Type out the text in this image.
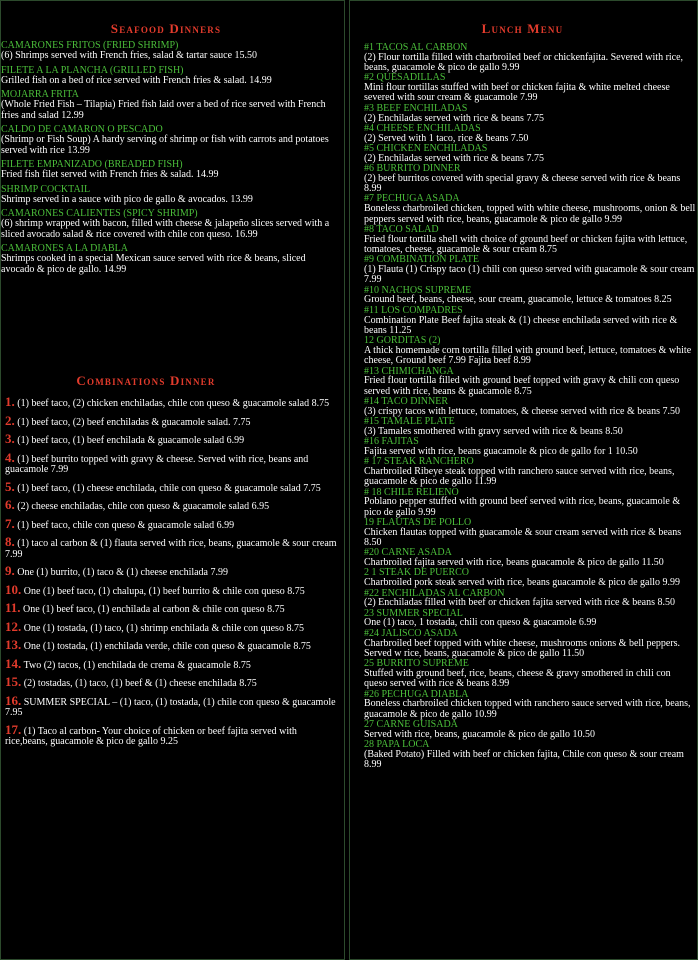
Seafood Dinners
CAMARONES FRITOS (FRIED SHRIMP)
(6) Shrimps served with French fries, salad & tartar sauce 15.50
FILETE A LA PLANCHA (GRILLED FISH)
Grilled fish on a bed of rice served with French fries & salad. 14.99
MOJARRA FRITA
(Whole Fried Fish – Tilapia) Fried fish laid over a bed of rice served with French fries and salad 12.99
CALDO DE CAMARON O PESCADO
(Shrimp or Fish Soup) A hardy serving of shrimp or fish with carrots and potatoes served with rice 13.99
FILETE EMPANIZADO (BREADED FISH)
Fried fish filet served with French fries & salad. 14.99
SHRIMP COCKTAIL
Shrimp served in a sauce with pico de gallo & avocados. 13.99
CAMARONES CALIENTES (SPICY SHRIMP)
(6) shrimp wrapped with bacon, filled with cheese & jalapeño slices served with a sliced avocado salad & rice covered with chile con queso. 16.99
CAMARONES A LA DIABLA
Shrimps cooked in a special Mexican sauce served with rice & beans, sliced avocado & pico de gallo. 14.99
Combinations Dinner
1. (1) beef taco, (2) chicken enchiladas, chile con queso & guacamole salad 8.75
2. (1) beef taco, (2) beef enchiladas & guacamole salad. 7.75
3. (1) beef taco, (1) beef enchilada & guacamole salad 6.99
4. (1) beef burrito topped with gravy & cheese. Served with rice, beans and guacamole 7.99
5. (1) beef taco, (1) cheese enchilada, chile con queso & guacamole salad 7.75
6. (2) cheese enchiladas, chile con queso & guacamole salad 6.95
7. (1) beef taco, chile con queso & guacamole salad 6.99
8. (1) taco al carbon & (1) flauta served with rice, beans, guacamole & sour cream 7.99
9. One (1) burrito, (1) taco & (1) cheese enchilada 7.99
10. One (1) beef taco, (1) chalupa, (1) beef burrito & chile con queso 8.75
11. One (1) beef taco, (1) enchilada al carbon & chile con queso 8.75
12. One (1) tostada, (1) taco, (1) shrimp enchilada & chile con queso 8.75
13. One (1) tostada, (1) enchilada verde, chile con queso & guacamole 8.75
14. Two (2) tacos, (1) enchilada de crema & guacamole 8.75
15. (2) tostadas, (1) taco, (1) beef & (1) cheese enchilada 8.75
16. SUMMER SPECIAL – (1) taco, (1) tostada, (1) chile con queso & guacamole 7.95
17. (1) Taco al carbon- Your choice of chicken or beef fajita served with rice,beans, guacamole & pico de gallo 9.25
Lunch Menu
#1 TACOS AL CARBON
(2) Flour tortilla filled with charbroiled beef or chickenfajita. Severed with rice, beans, guacamole & pico de gallo 9.99
#2 QUESADILLAS
Mini flour tortillas stuffed with beef or chicken fajita & white melted cheese severed with sour cream & guacamole 7.99
#3 BEEF ENCHILADAS
(2) Enchiladas served with rice & beans 7.75
#4 CHEESE ENCHILADAS
(2) Served with 1 taco, rice & beans 7.50
#5 CHICKEN ENCHILADAS
(2) Enchiladas served with rice & beans 7.75
#6 BURRITO DINNER
(2) beef burritos covered with special gravy & cheese served with rice & beans 8.99
#7 PECHUGA ASADA
Boneless charbroiled chicken, topped with white cheese, mushrooms, onion & bell peppers served with rice, beans, guacamole & pico de gallo 9.99
#8 TACO SALAD
Fried flour tortilla shell with choice of ground beef or chicken fajita with lettuce, tomatoes, cheese, guacamole & sour cream 8.75
#9 COMBINATION PLATE
(1) Flauta (1) Crispy taco (1) chili con queso served with guacamole & sour cream 7.99
#10 NACHOS SUPREME
Ground beef, beans, cheese, sour cream, guacamole, lettuce & tomatoes 8.25
#11 LOS COMPADRES
Combination Plate Beef fajita steak & (1) cheese enchilada served with rice & beans 11.25
12 GORDITAS (2)
A thick homemade corn tortilla filled with ground beef, lettuce, tomatoes & white cheese, Ground beef 7.99 Fajita beef 8.99
#13 CHIMICHANGA
Fried flour tortilla filled with ground beef topped with gravy & chili con queso served with rice, beans & guacamole 8.75
#14 TACO DINNER
(3) crispy tacos with lettuce, tomatoes, & cheese served with rice & beans 7.50
#15 TAMALE PLATE
(3) Tamales smothered with gravy served with rice & beans 8.50
#16 FAJITAS
Fajita served with rice, beans guacamole & pico de gallo for 1 10.50
# 17 STEAK RANCHERO
Charbroiled Ribeye steak topped with ranchero sauce served with rice, beans, guacamole & pico de gallo 11.99
# 18 CHILE RELIENO
Poblano pepper stuffed with ground beef served with rice, beans, guacamole & pico de gallo 9.99
19 FLAUTAS DE POLLO
Chicken flautas topped with guacamole & sour cream served with rice & beans 8.50
#20 CARNE ASADA
Charbroiled fajita served with rice, beans guacamole & pico de gallo 11.50
2 1 STEAK DE PUERCO
Charbroiled pork steak served with rice, beans guacamole & pico de gallo 9.99
#22 ENCHILADAS AL CARBON
(2) Enchiladas filled with beef or chicken fajita served with rice & beans 8.50
23 SUMMER SPECIAL
One (1) taco, 1 tostada, chili con queso & guacamole 6.99
#24 JALISCO ASADA
Charbroiled beef topped with white cheese, mushrooms onions & bell peppers. Served w rice, beans, guacamole & pico de gallo 11.50
25 BURRITO SUPREME
Stuffed with ground beef, rice, beans, cheese & gravy smothered in chili con queso served with rice & beans 8.99
#26 PECHUGA DIABLA
Boneless charbroiled chicken topped with ranchero sauce served with rice, beans, guacamole & pico de gallo 10.99
27 CARNE GUISADA
Served with rice, beans, guacamole & pico de gallo 10.50
28 PAPA LOCA
(Baked Potato) Filled with beef or chicken fajita, Chile con queso & sour cream 8.99
